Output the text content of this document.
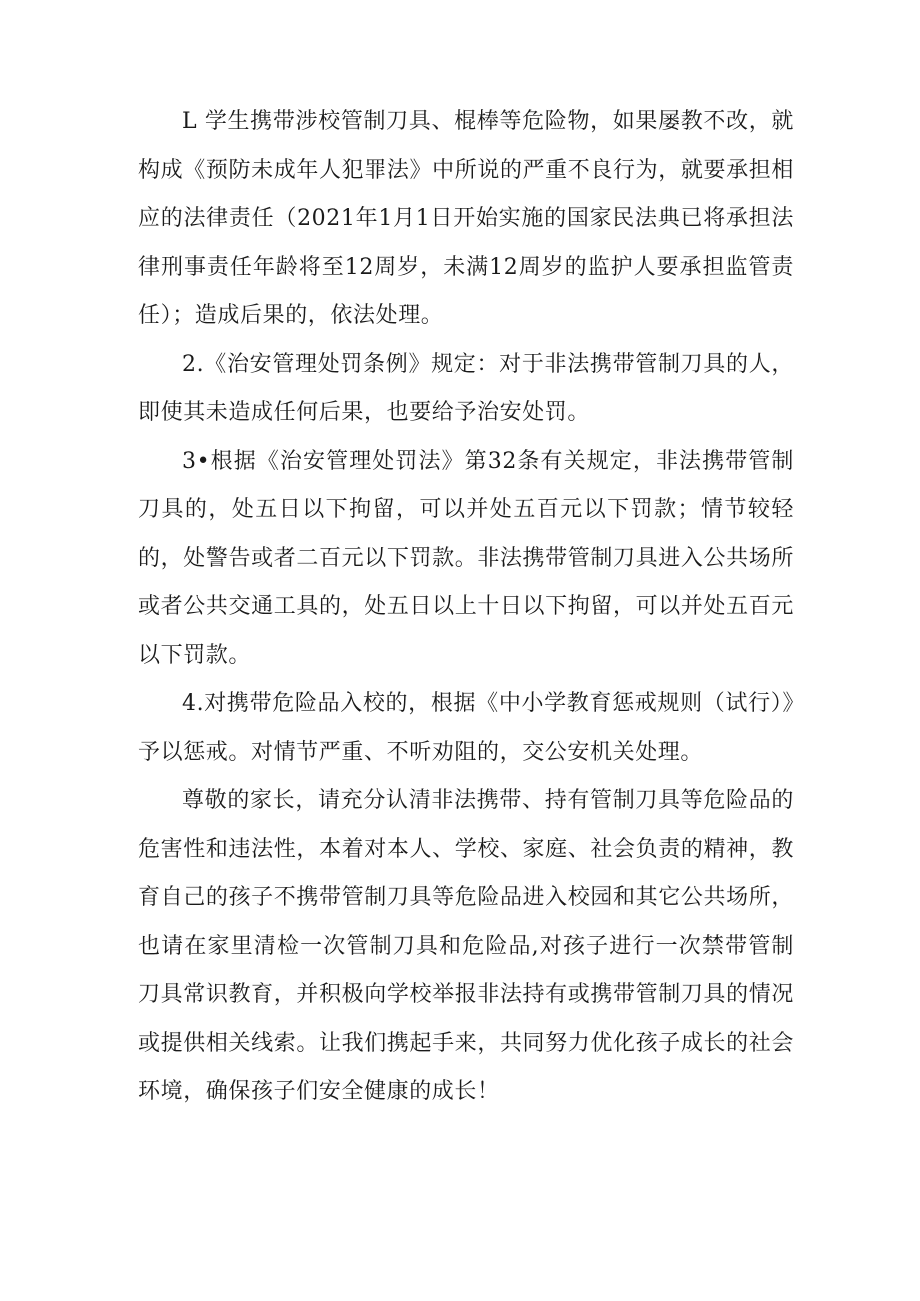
L 学生携带涉校管制刀具、棍棒等危险物，如果屡教不改，就构成《预防未成年人犯罪法》中所说的严重不良行为，就要承担相应的法律责任（2021年1月1日开始实施的国家民法典已将承担法律刑事责任年龄将至12周岁，未满12周岁的监护人要承担监管责任）；造成后果的，依法处理。

2.《治安管理处罚条例》规定：对于非法携带管制刀具的人，即使其未造成任何后果，也要给予治安处罚。

3•根据《治安管理处罚法》第32条有关规定，非法携带管制刀具的，处五日以下拘留，可以并处五百元以下罚款；情节较轻的，处警告或者二百元以下罚款。非法携带管制刀具进入公共场所或者公共交通工具的，处五日以上十日以下拘留，可以并处五百元以下罚款。

4.对携带危险品入校的，根据《中小学教育惩戒规则（试行）》予以惩戒。对情节严重、不听劝阻的，交公安机关处理。

尊敬的家长，请充分认清非法携带、持有管制刀具等危险品的危害性和违法性，本着对本人、学校、家庭、社会负责的精神，教育自己的孩子不携带管制刀具等危险品进入校园和其它公共场所，也请在家里清检一次管制刀具和危险品,对孩子进行一次禁带管制刀具常识教育，并积极向学校举报非法持有或携带管制刀具的情况或提供相关线索。让我们携起手来，共同努力优化孩子成长的社会环境，确保孩子们安全健康的成长！
